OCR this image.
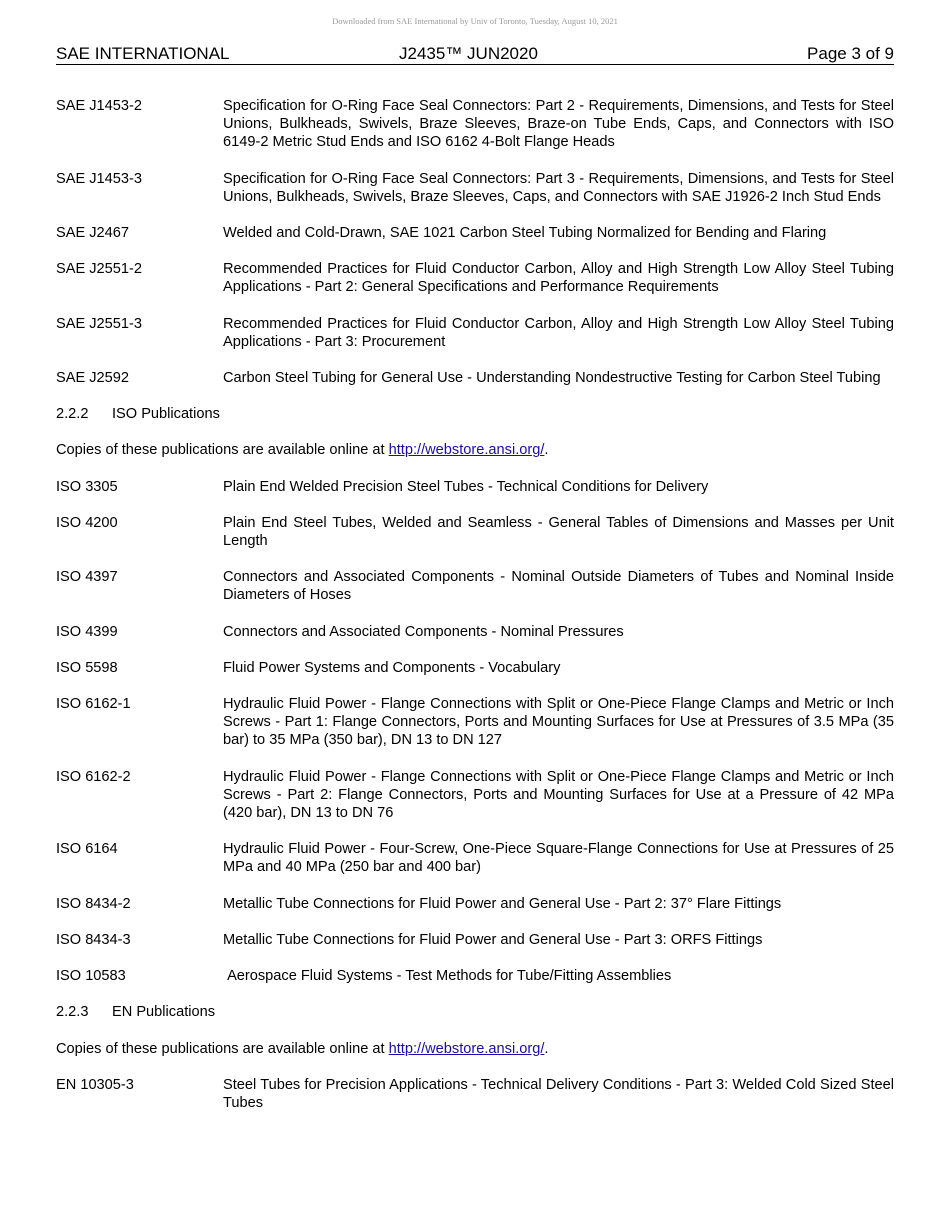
Downloaded from SAE International by Univ of Toronto, Tuesday, August 10, 2021
SAE INTERNATIONAL	J2435™ JUN2020	Page 3 of 9
SAE J1453-2	Specification for O-Ring Face Seal Connectors: Part 2 - Requirements, Dimensions, and Tests for Steel Unions, Bulkheads, Swivels, Braze Sleeves, Braze-on Tube Ends, Caps, and Connectors with ISO 6149-2 Metric Stud Ends and ISO 6162 4-Bolt Flange Heads
SAE J1453-3	Specification for O-Ring Face Seal Connectors: Part 3 - Requirements, Dimensions, and Tests for Steel Unions, Bulkheads, Swivels, Braze Sleeves, Caps, and Connectors with SAE J1926-2 Inch Stud Ends
SAE J2467	Welded and Cold-Drawn, SAE 1021 Carbon Steel Tubing Normalized for Bending and Flaring
SAE J2551-2	Recommended Practices for Fluid Conductor Carbon, Alloy and High Strength Low Alloy Steel Tubing Applications - Part 2: General Specifications and Performance Requirements
SAE J2551-3	Recommended Practices for Fluid Conductor Carbon, Alloy and High Strength Low Alloy Steel Tubing Applications - Part 3: Procurement
SAE J2592	Carbon Steel Tubing for General Use - Understanding Nondestructive Testing for Carbon Steel Tubing
2.2.2	ISO Publications
Copies of these publications are available online at http://webstore.ansi.org/.
ISO 3305	Plain End Welded Precision Steel Tubes - Technical Conditions for Delivery
ISO 4200	Plain End Steel Tubes, Welded and Seamless - General Tables of Dimensions and Masses per Unit Length
ISO 4397	Connectors and Associated Components - Nominal Outside Diameters of Tubes and Nominal Inside Diameters of Hoses
ISO 4399	Connectors and Associated Components - Nominal Pressures
ISO 5598	Fluid Power Systems and Components - Vocabulary
ISO 6162-1	Hydraulic Fluid Power - Flange Connections with Split or One-Piece Flange Clamps and Metric or Inch Screws - Part 1: Flange Connectors, Ports and Mounting Surfaces for Use at Pressures of 3.5 MPa (35 bar) to 35 MPa (350 bar), DN 13 to DN 127
ISO 6162-2	Hydraulic Fluid Power - Flange Connections with Split or One-Piece Flange Clamps and Metric or Inch Screws - Part 2: Flange Connectors, Ports and Mounting Surfaces for Use at a Pressure of 42 MPa (420 bar), DN 13 to DN 76
ISO 6164	Hydraulic Fluid Power - Four-Screw, One-Piece Square-Flange Connections for Use at Pressures of 25 MPa and 40 MPa (250 bar and 400 bar)
ISO 8434-2	Metallic Tube Connections for Fluid Power and General Use - Part 2: 37° Flare Fittings
ISO 8434-3	Metallic Tube Connections for Fluid Power and General Use - Part 3: ORFS Fittings
ISO 10583	Aerospace Fluid Systems - Test Methods for Tube/Fitting Assemblies
2.2.3	EN Publications
Copies of these publications are available online at http://webstore.ansi.org/.
EN 10305-3	Steel Tubes for Precision Applications - Technical Delivery Conditions - Part 3: Welded Cold Sized Steel Tubes
